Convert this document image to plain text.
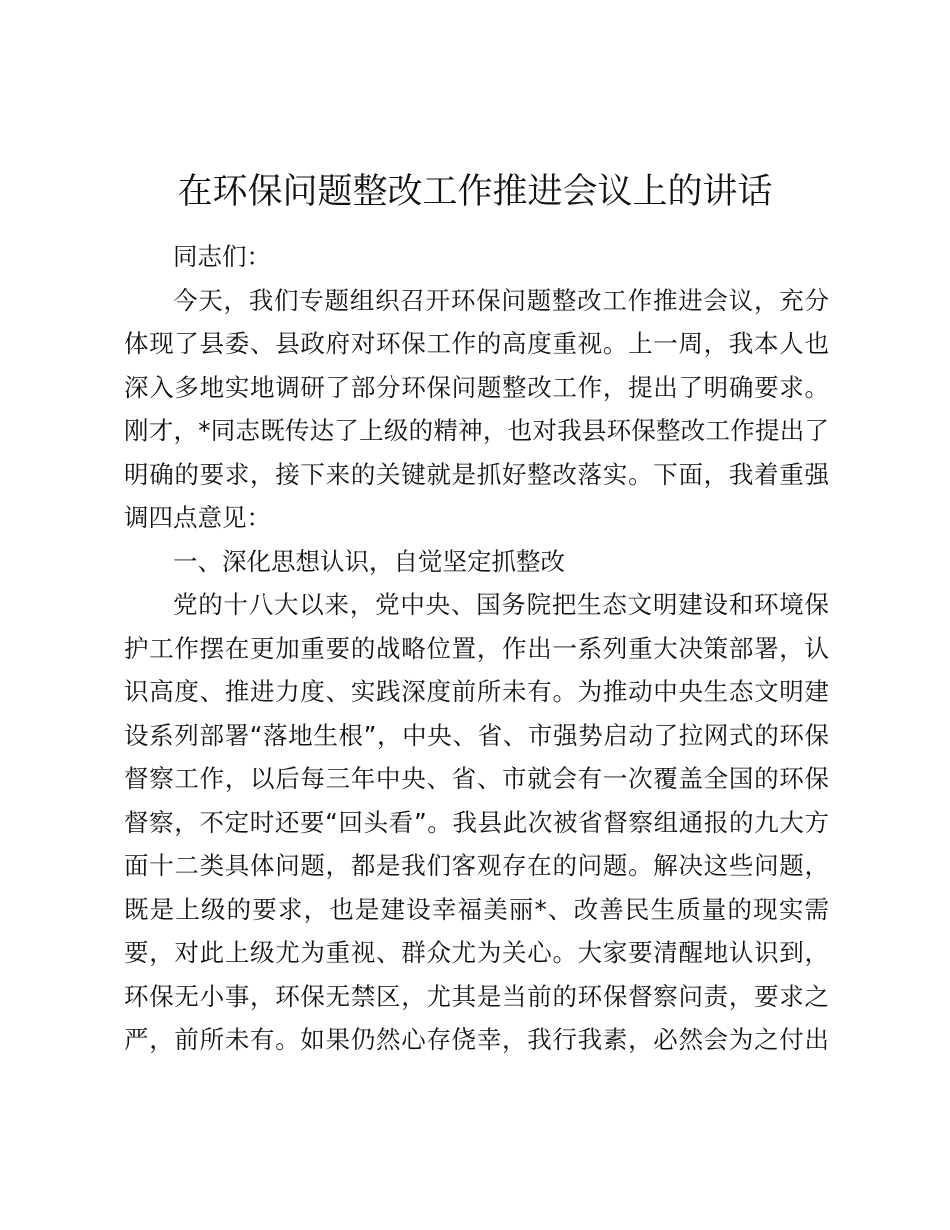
在环保问题整改工作推进会议上的讲话
同志们：
今天，我们专题组织召开环保问题整改工作推进会议，充分
体现了县委、县政府对环保工作的高度重视。上一周，我本人也
深入多地实地调研了部分环保问题整改工作，提出了明确要求。
刚才，*同志既传达了上级的精神，也对我县环保整改工作提出了
明确的要求，接下来的关键就是抓好整改落实。下面，我着重强
调四点意见：
一、深化思想认识，自觉坚定抓整改
党的十八大以来，党中央、国务院把生态文明建设和环境保
护工作摆在更加重要的战略位置，作出一系列重大决策部署，认
识高度、推进力度、实践深度前所未有。为推动中央生态文明建
设系列部署“落地生根”，中央、省、市强势启动了拉网式的环保
督察工作，以后每三年中央、省、市就会有一次覆盖全国的环保
督察，不定时还要“回头看”。我县此次被省督察组通报的九大方
面十二类具体问题，都是我们客观存在的问题。解决这些问题，
既是上级的要求，也是建设幸福美丽*、改善民生质量的现实需
要，对此上级尤为重视、群众尤为关心。大家要清醒地认识到，
环保无小事，环保无禁区，尤其是当前的环保督察问责，要求之
严，前所未有。如果仍然心存侥幸，我行我素，必然会为之付出
